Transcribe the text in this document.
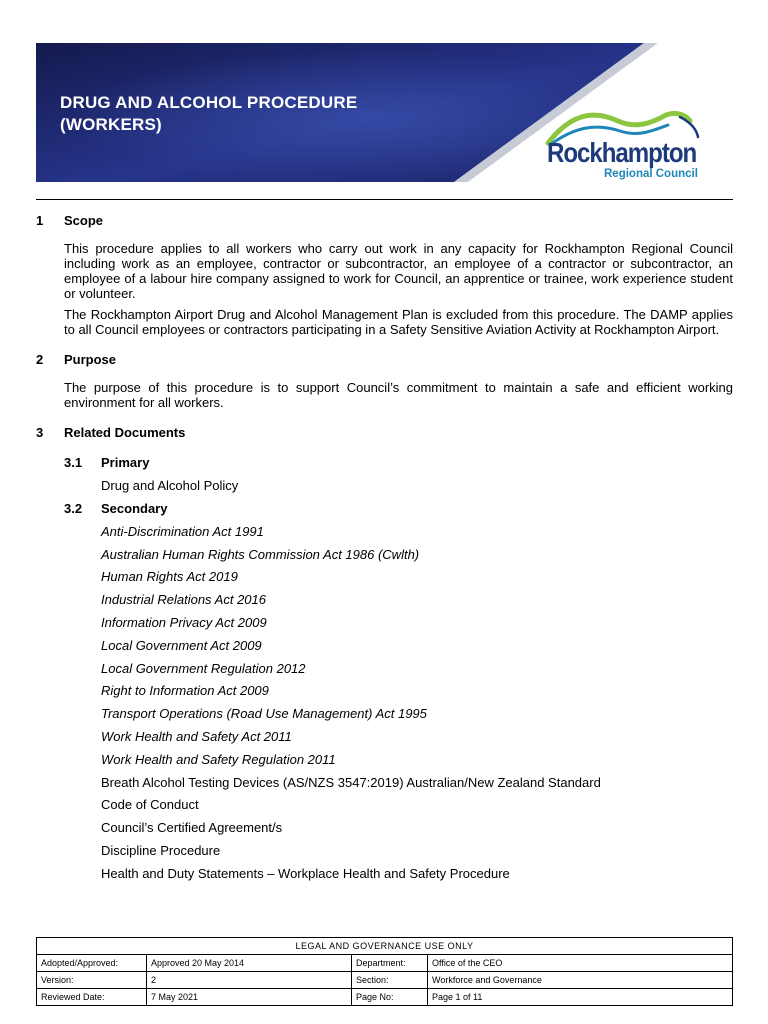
DRUG AND ALCOHOL PROCEDURE
(WORKERS)
Rockhampton
Regional Council
1	Scope

This procedure applies to all workers who carry out work in any capacity for Rockhampton Regional Council including work as an employee, contractor or subcontractor, an employee of a contractor or subcontractor, an employee of a labour hire company assigned to work for Council, an apprentice or trainee, work experience student or volunteer.

The Rockhampton Airport Drug and Alcohol Management Plan is excluded from this procedure. The DAMP applies to all Council employees or contractors participating in a Safety Sensitive Aviation Activity at Rockhampton Airport.

2	Purpose

The purpose of this procedure is to support Council’s commitment to maintain a safe and efficient working environment for all workers.

3	Related Documents
3.1	Primary
Drug and Alcohol Policy
3.2	Secondary
Anti-Discrimination Act 1991
Australian Human Rights Commission Act 1986 (Cwlth)
Human Rights Act 2019
Industrial Relations Act 2016
Information Privacy Act 2009
Local Government Act 2009
Local Government Regulation 2012
Right to Information Act 2009
Transport Operations (Road Use Management) Act 1995
Work Health and Safety Act 2011
Work Health and Safety Regulation 2011
Breath Alcohol Testing Devices (AS/NZS 3547:2019) Australian/New Zealand Standard
Code of Conduct
Council’s Certified Agreement/s
Discipline Procedure
Health and Duty Statements – Workplace Health and Safety Procedure
LEGAL AND GOVERNANCE USE ONLY			
Adopted/Approved:	Approved 20 May 2014	Department:	Office of the CEO
Version:	2	Section:	Workforce and Governance
Reviewed Date:	7 May 2021	Page No:	Page 1 of 11
